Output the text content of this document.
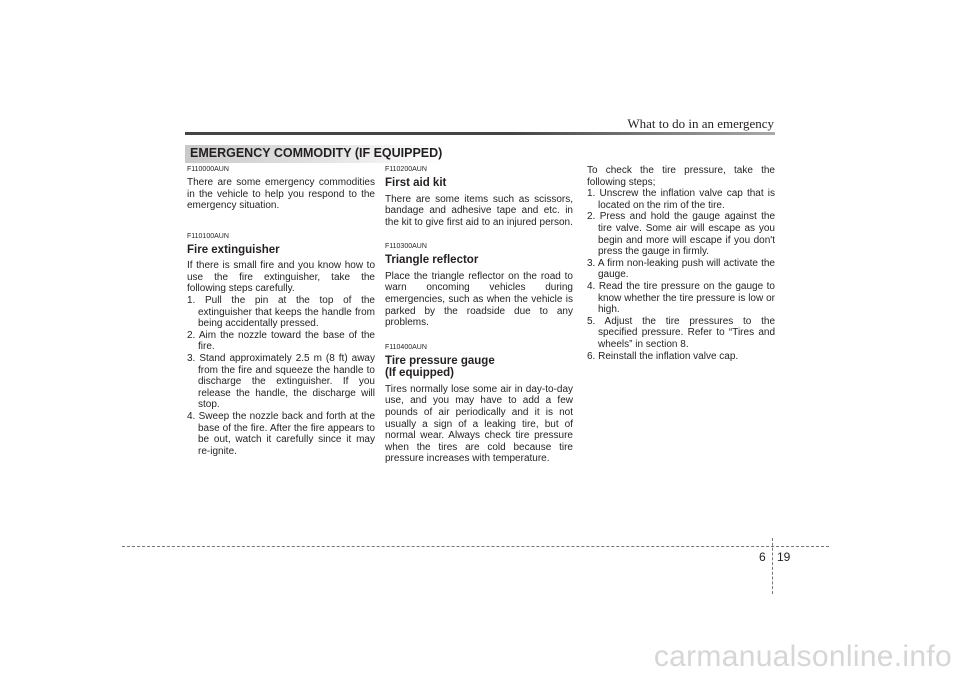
What to do in an emergency
EMERGENCY COMMODITY (IF EQUIPPED)
F110000AUN

There are some emergency commodities in the vehicle to help you respond to the emergency situation.

F110100AUN
Fire extinguisher

If there is small fire and you know how to use the fire extinguisher, take the following steps carefully.

1. Pull the pin at the top of the extinguisher that keeps the handle from being accidentally pressed.
2. Aim the nozzle toward the base of the fire.
3. Stand approximately 2.5 m (8 ft) away from the fire and squeeze the handle to discharge the extinguisher. If you release the handle, the discharge will stop.
4. Sweep the nozzle back and forth at the base of the fire. After the fire appears to be out, watch it carefully since it may re-ignite.
F110200AUN
First aid kit

There are some items such as scissors, bandage and adhesive tape and etc. in the kit to give first aid to an injured person.

F110300AUN
Triangle reflector

Place the triangle reflector on the road to warn oncoming vehicles during emergencies, such as when the vehicle is parked by the roadside due to any problems.

F110400AUN
Tire pressure gauge
(If equipped)

Tires normally lose some air in day-to-day use, and you may have to add a few pounds of air periodically and it is not usually a sign of a leaking tire, but of normal wear. Always check tire pressure when the tires are cold because tire pressure increases with temperature.

To check the tire pressure, take the following steps;

1. Unscrew the inflation valve cap that is located on the rim of the tire.
2. Press and hold the gauge against the tire valve. Some air will escape as you begin and more will escape if you don't press the gauge in firmly.
3. A firm non-leaking push will activate the gauge.
4. Read the tire pressure on the gauge to know whether the tire pressure is low or high.
5. Adjust the tire pressures to the specified pressure. Refer to “Tires and wheels” in section 8.
6. Reinstall the inflation valve cap.
6 19
carmanualsonline.info
